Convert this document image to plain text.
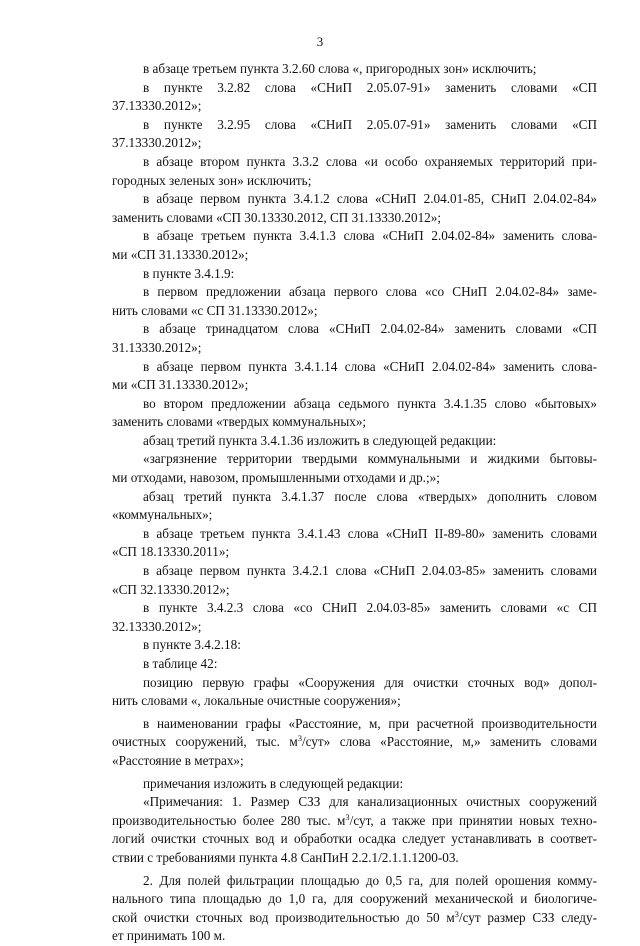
3
в абзаце третьем пункта 3.2.60 слова «, пригородных зон» исключить;
в пункте 3.2.82 слова «СНиП 2.05.07-91» заменить словами «СП
37.13330.2012»;
в пункте 3.2.95 слова «СНиП 2.05.07-91» заменить словами «СП
37.13330.2012»;
в абзаце втором пункта 3.3.2 слова «и особо охраняемых территорий при-
городных зеленых зон» исключить;
в абзаце первом пункта 3.4.1.2 слова «СНиП 2.04.01-85, СНиП 2.04.02-84»
заменить словами «СП 30.13330.2012, СП 31.13330.2012»;
в абзаце третьем пункта 3.4.1.3 слова «СНиП 2.04.02-84» заменить слова-
ми «СП 31.13330.2012»;
в пункте 3.4.1.9:
в первом предложении абзаца первого слова «со СНиП 2.04.02-84» заме-
нить словами «с СП 31.13330.2012»;
в абзаце тринадцатом слова «СНиП 2.04.02-84» заменить словами «СП
31.13330.2012»;
в абзаце первом пункта 3.4.1.14 слова «СНиП 2.04.02-84» заменить слова-
ми «СП 31.13330.2012»;
во втором предложении абзаца седьмого пункта 3.4.1.35 слово «бытовых»
заменить словами «твердых коммунальных»;
абзац третий пункта 3.4.1.36 изложить в следующей редакции:
«загрязнение территории твердыми коммунальными и жидкими бытовы-
ми отходами, навозом, промышленными отходами и др.;»;
абзац третий пункта 3.4.1.37 после слова «твердых» дополнить словом
«коммунальных»;
в абзаце третьем пункта 3.4.1.43 слова «СНиП II-89-80» заменить словами
«СП 18.13330.2011»;
в абзаце первом пункта 3.4.2.1 слова «СНиП 2.04.03-85» заменить словами
«СП 32.13330.2012»;
в пункте 3.4.2.3 слова «со СНиП 2.04.03-85» заменить словами «с СП
32.13330.2012»;
в пункте 3.4.2.18:
в таблице 42:
позицию первую графы «Сооружения для очистки сточных вод» допол-
нить словами «, локальные очистные сооружения»;
в наименовании графы «Расстояние, м, при расчетной производительности
очистных сооружений, тыс. $м^3$/сут» слова «Расстояние, м,» заменить словами
«Расстояние в метрах»;
примечания изложить в следующей редакции:
«Примечания: 1. Размер СЗЗ для канализационных очистных сооружений
производительностью более 280 тыс. $м^3$/сут, а также при принятии новых техно-
логий очистки сточных вод и обработки осадка следует устанавливать в соответ-
ствии с требованиями пункта 4.8 СанПиН 2.2.1/2.1.1.1200-03.
2. Для полей фильтрации площадью до 0,5 га, для полей орошения комму-
нального типа площадью до 1,0 га, для сооружений механической и биологиче-
ской очистки сточных вод производительностью до 50 $м^3$/сут размер СЗЗ следу-
ет принимать 100 м.
